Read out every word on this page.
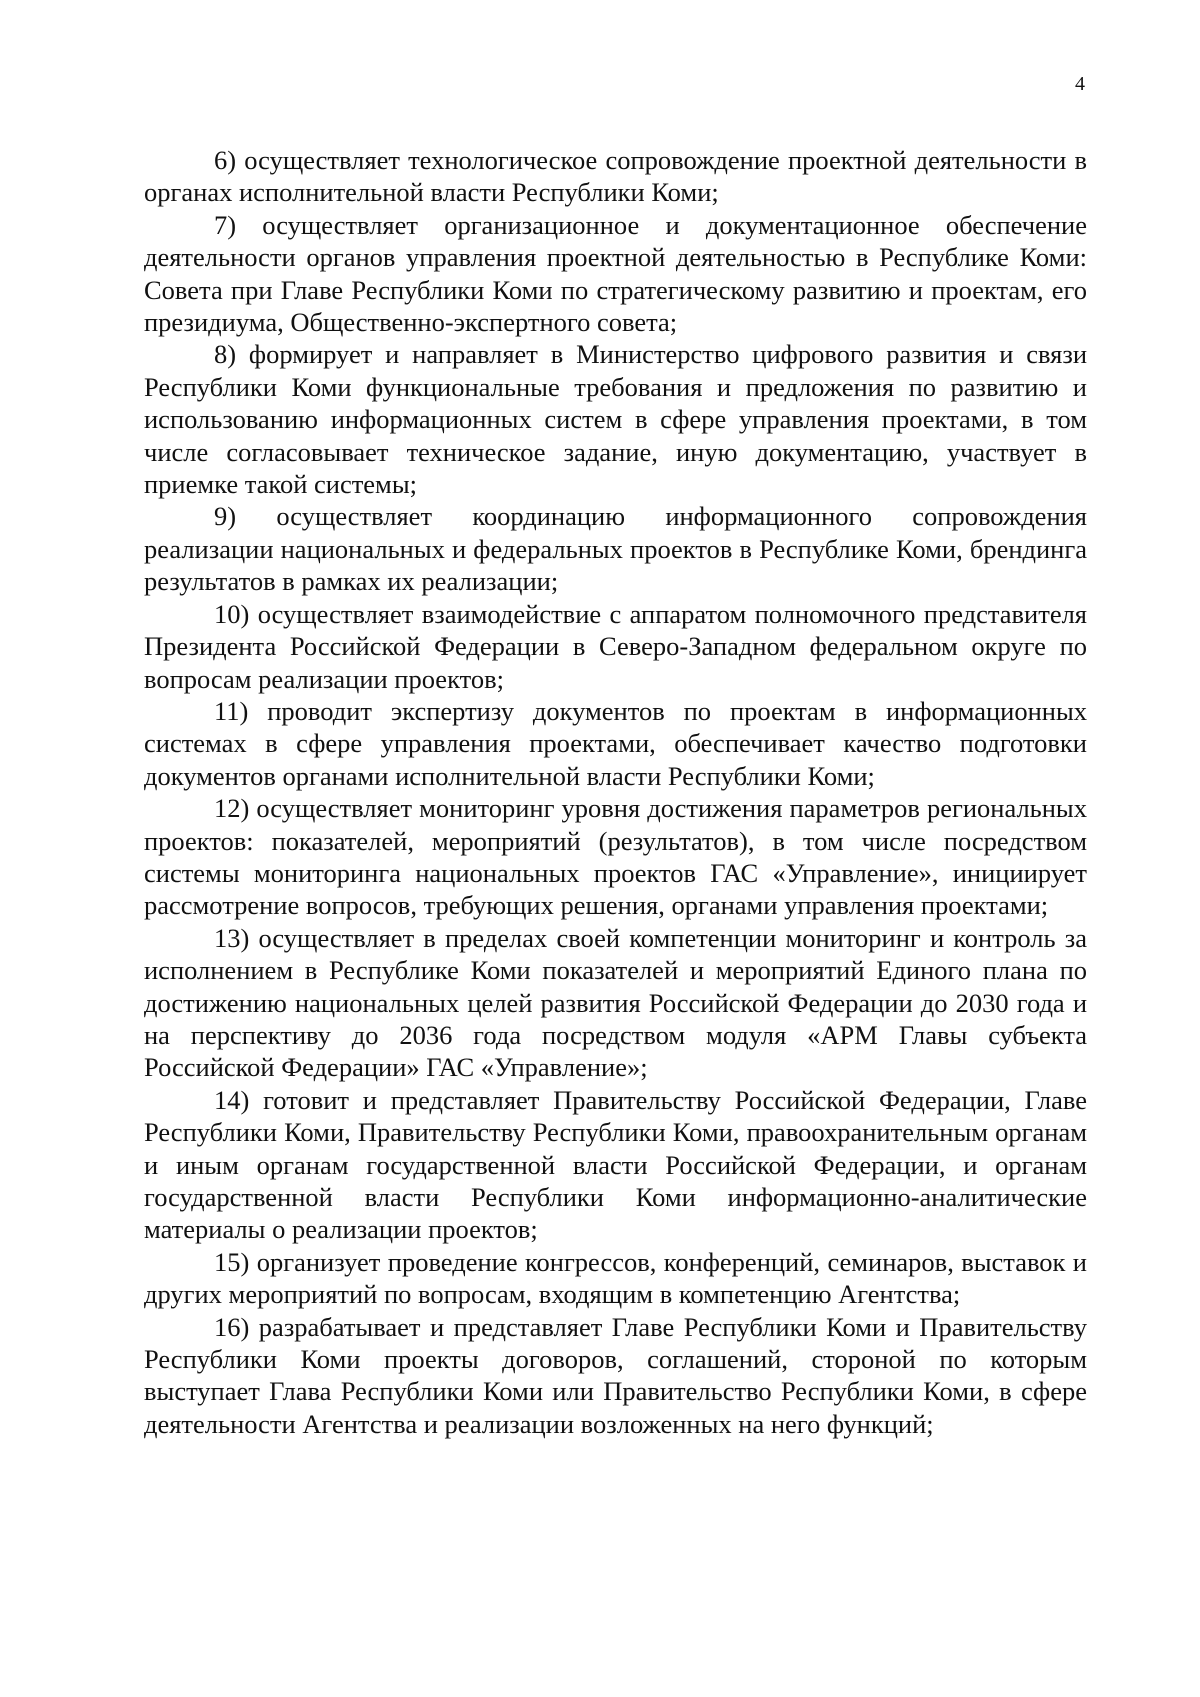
4

6) осуществляет технологическое сопровождение проектной деятельности в органах исполнительной власти Республики Коми;

7) осуществляет организационное и документационное обеспечение деятельности органов управления проектной деятельностью в Республике Коми: Совета при Главе Республики Коми по стратегическому развитию и проектам, его президиума, Общественно-экспертного совета;

8) формирует и направляет в Министерство цифрового развития и связи Республики Коми функциональные требования и предложения по развитию и использованию информационных систем в сфере управления проектами, в том числе согласовывает техническое задание, иную документацию, участвует в приемке такой системы;

9) осуществляет координацию информационного сопровождения реализации национальных и федеральных проектов в Республике Коми, брендинга результатов в рамках их реализации;

10) осуществляет взаимодействие с аппаратом полномочного представителя Президента Российской Федерации в Северо-Западном федеральном округе по вопросам реализации проектов;

11) проводит экспертизу документов по проектам в информационных системах в сфере управления проектами, обеспечивает качество подготовки документов органами исполнительной власти Республики Коми;

12) осуществляет мониторинг уровня достижения параметров региональных проектов: показателей, мероприятий (результатов), в том числе посредством системы мониторинга национальных проектов ГАС «Управление», инициирует рассмотрение вопросов, требующих решения, органами управления проектами;

13) осуществляет в пределах своей компетенции мониторинг и контроль за исполнением в Республике Коми показателей и мероприятий Единого плана по достижению национальных целей развития Российской Федерации до 2030 года и на перспективу до 2036 года посредством модуля «АРМ Главы субъекта Российской Федерации» ГАС «Управление»;

14) готовит и представляет Правительству Российской Федерации, Главе Республики Коми, Правительству Республики Коми, правоохранительным органам и иным органам государственной власти Российской Федерации, и органам государственной власти Республики Коми информационно-аналитические материалы о реализации проектов;

15) организует проведение конгрессов, конференций, семинаров, выставок и других мероприятий по вопросам, входящим в компетенцию Агентства;

16) разрабатывает и представляет Главе Республики Коми и Правительству Республики Коми проекты договоров, соглашений, стороной по которым выступает Глава Республики Коми или Правительство Республики Коми, в сфере деятельности Агентства и реализации возложенных на него функций;
